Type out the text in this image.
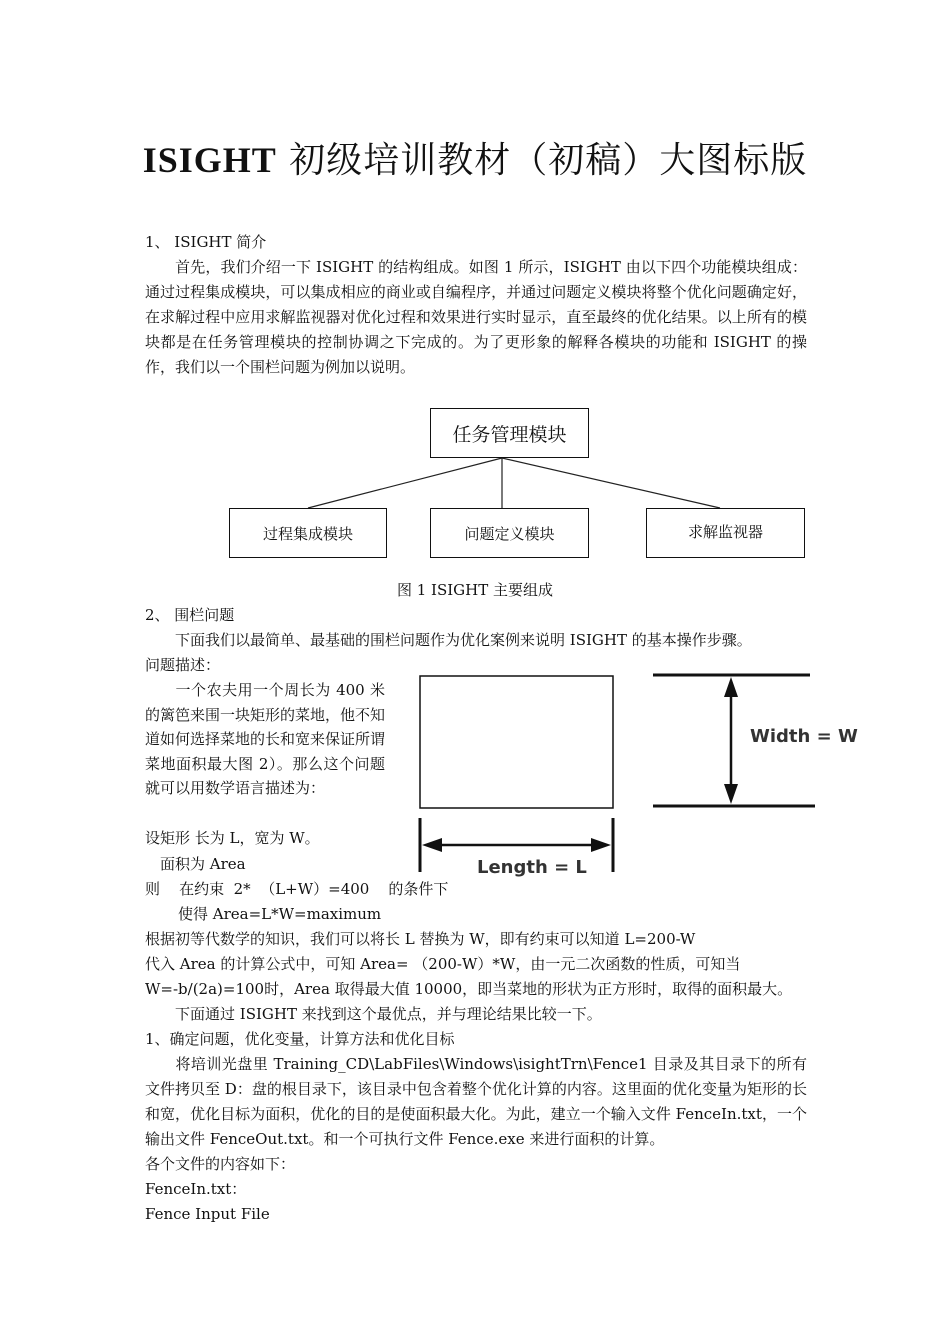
ISIGHT 初级培训教材（初稿）大图标版
1、 ISIGHT 简介
首先，我们介绍一下 ISIGHT 的结构组成。如图 1 所示，ISIGHT 由以下四个功能模块组成：通过过程集成模块，可以集成相应的商业或自编程序，并通过问题定义模块将整个优化问题确定好，在求解过程中应用求解监视器对优化过程和效果进行实时显示，直至最终的优化结果。以上所有的模块都是在任务管理模块的控制协调之下完成的。为了更形象的解释各模块的功能和 ISIGHT 的操作，我们以一个围栏问题为例加以说明。
任务管理模块
过程集成模块	问题定义模块	求解监视器
图 1 ISIGHT 主要组成
2、 围栏问题
下面我们以最简单、最基础的围栏问题作为优化案例来说明 ISIGHT 的基本操作步骤。
问题描述：
一个农夫用一个周长为 400 米的篱笆来围一块矩形的菜地，他不知道如何选择菜地的长和宽来保证所谓菜地面积最大图 2）。那么这个问题就可以用数学语言描述为：
设矩形 长为 L，宽为 W。
面积为 Area
则    在约束  2*  （L+W）=400    的条件下
使得 Area=L*W=maximum
根据初等代数学的知识，我们可以将长 L 替换为 W，即有约束可以知道 L=200-W
代入 Area 的计算公式中，可知 Area= （200-W）*W，由一元二次函数的性质，可知当
W=-b/(2a)=100时，Area 取得最大值 10000，即当菜地的形状为正方形时，取得的面积最大。
下面通过 ISIGHT 来找到这个最优点，并与理论结果比较一下。
Width = W
Length = L
1、确定问题，优化变量，计算方法和优化目标
将培训光盘里 Training_CD\LabFiles\Windows\isightTrn\Fence1 目录及其目录下的所有文件拷贝至 D：盘的根目录下，该目录中包含着整个优化计算的内容。这里面的优化变量为矩形的长和宽，优化目标为面积，优化的目的是使面积最大化。为此，建立一个输入文件 FenceIn.txt，一个输出文件 FenceOut.txt。和一个可执行文件 Fence.exe 来进行面积的计算。
各个文件的内容如下：
FenceIn.txt：
Fence Input File
